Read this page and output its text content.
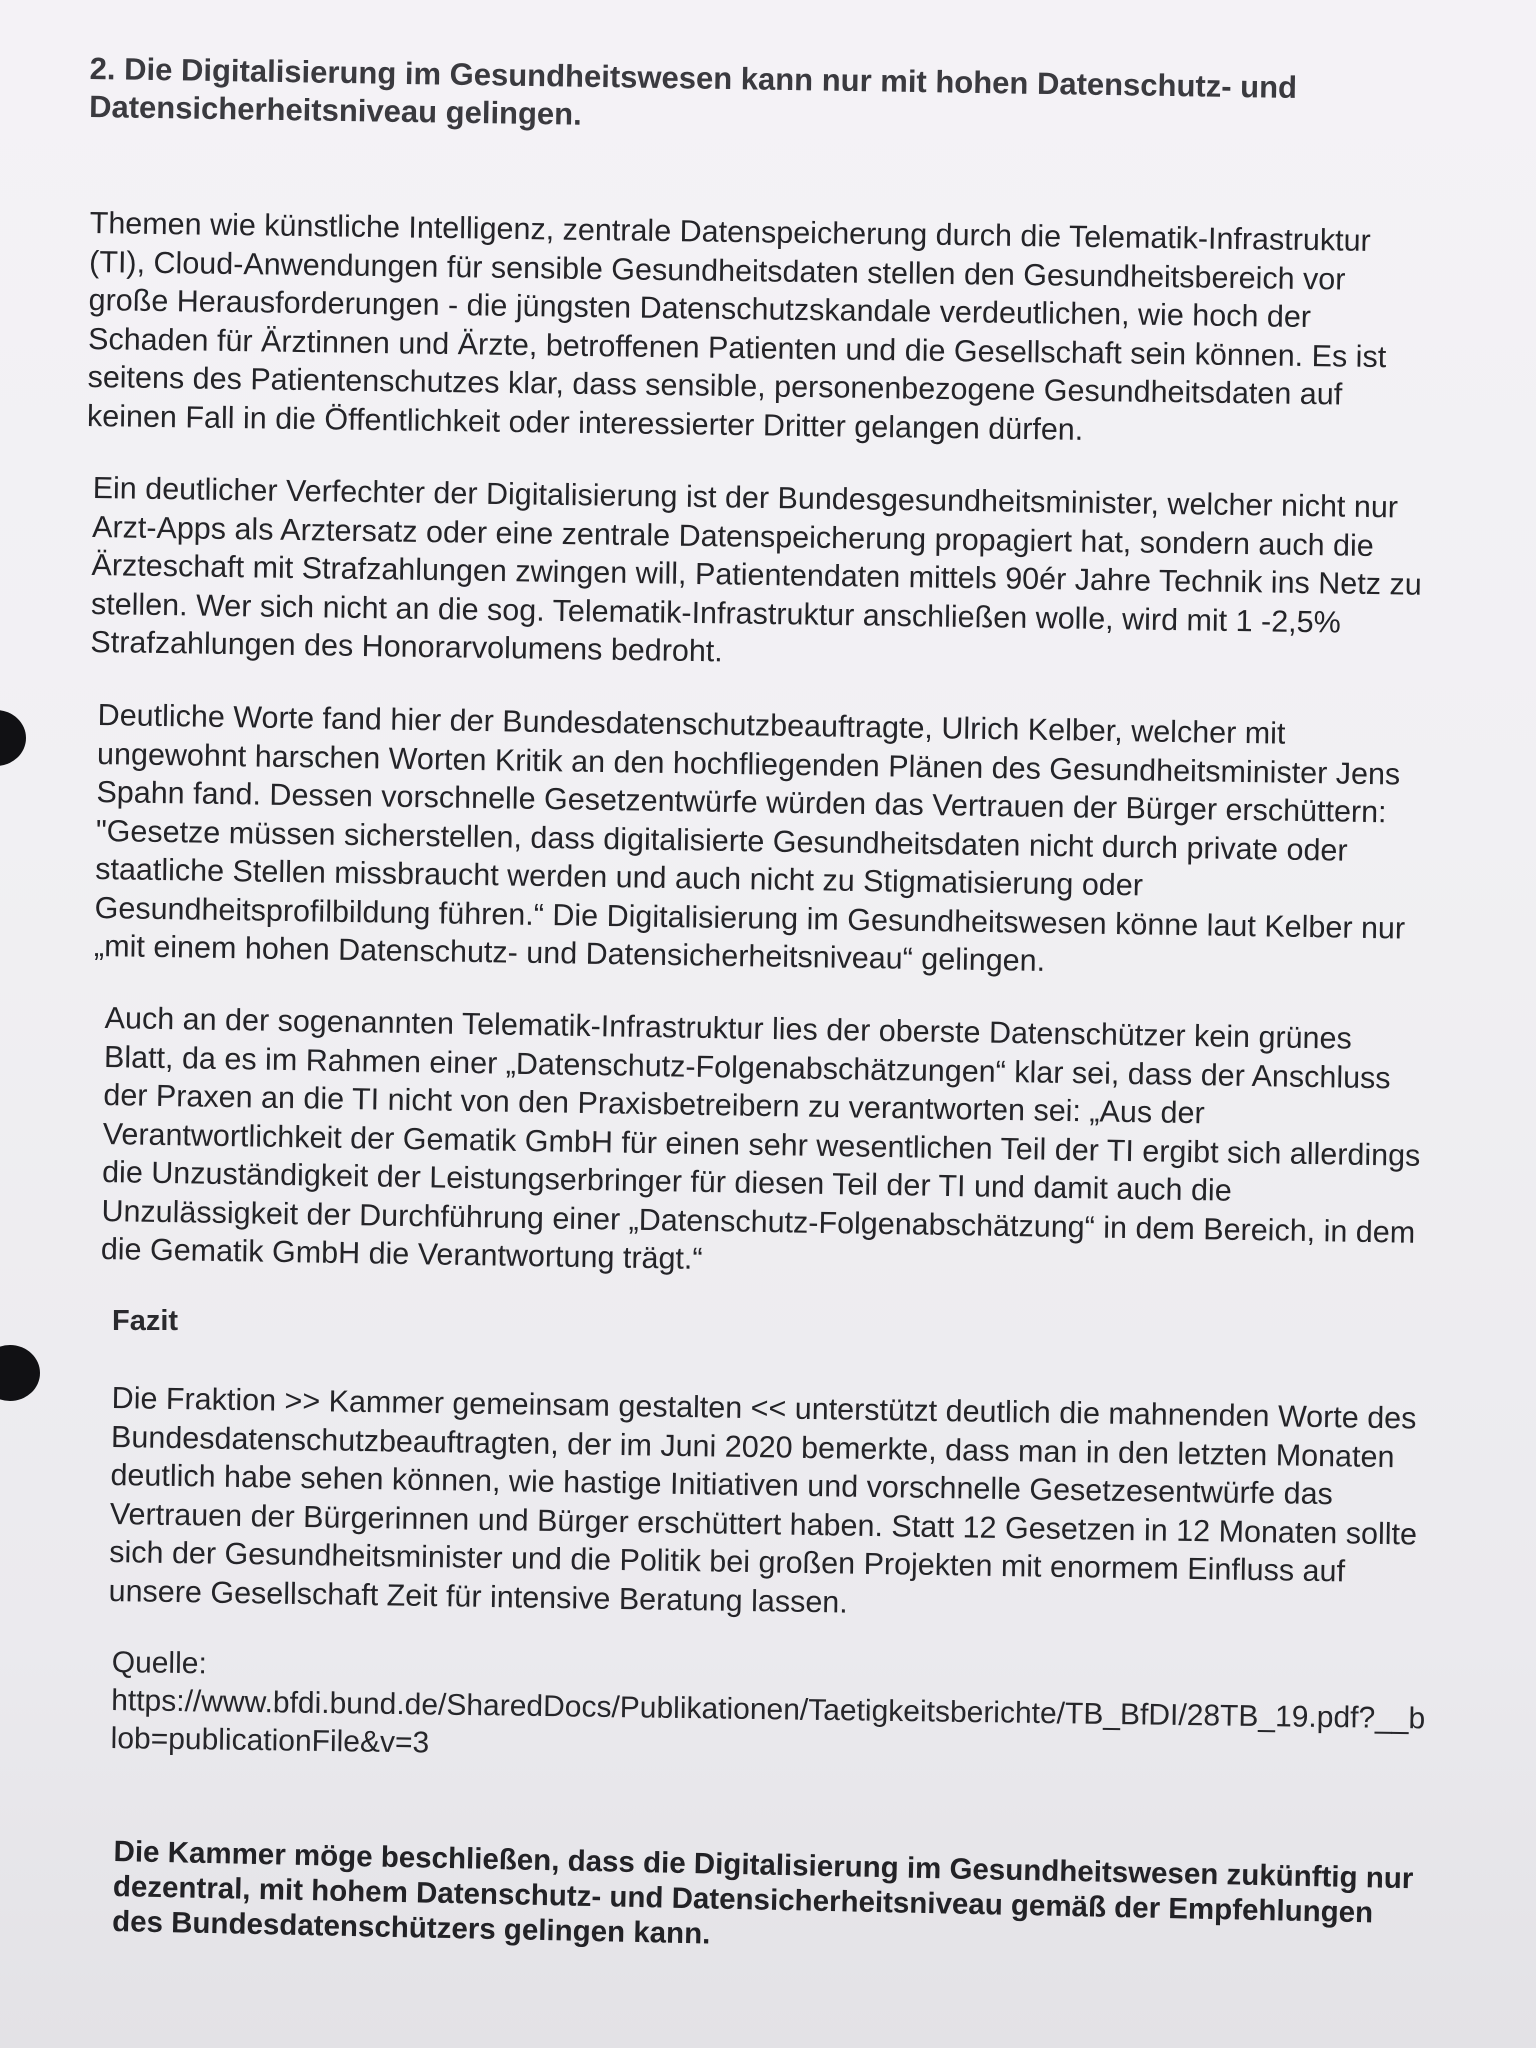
2. Die Digitalisierung im Gesundheitswesen kann nur mit hohen Datenschutz- und Datensicherheitsniveau gelingen.
Themen wie künstliche Intelligenz, zentrale Datenspeicherung durch die Telematik-Infrastruktur (TI), Cloud-Anwendungen für sensible Gesundheitsdaten stellen den Gesundheitsbereich vor große Herausforderungen - die jüngsten Datenschutzskandale verdeutlichen, wie hoch der Schaden für Ärztinnen und Ärzte, betroffenen Patienten und die Gesellschaft sein können. Es ist seitens des Patientenschutzes klar, dass sensible, personenbezogene Gesundheitsdaten auf keinen Fall in die Öffentlichkeit oder interessierter Dritter gelangen dürfen.
Ein deutlicher Verfechter der Digitalisierung ist der Bundesgesundheitsminister, welcher nicht nur Arzt-Apps als Arztersatz oder eine zentrale Datenspeicherung propagiert hat, sondern auch die Ärzteschaft mit Strafzahlungen zwingen will, Patientendaten mittels 90ér Jahre Technik ins Netz zu stellen. Wer sich nicht an die sog. Telematik-Infrastruktur anschließen wolle, wird mit 1 -2,5% Strafzahlungen des Honorarvolumens bedroht.
Deutliche Worte fand hier der Bundesdatenschutzbeauftragte, Ulrich Kelber, welcher mit ungewohnt harschen Worten Kritik an den hochfliegenden Plänen des Gesundheitsminister Jens Spahn fand. Dessen vorschnelle Gesetzentwürfe würden das Vertrauen der Bürger erschüttern: "Gesetze müssen sicherstellen, dass digitalisierte Gesundheitsdaten nicht durch private oder staatliche Stellen missbraucht werden und auch nicht zu Stigmatisierung oder Gesundheitsprofilbildung führen.“ Die Digitalisierung im Gesundheitswesen könne laut Kelber nur „mit einem hohen Datenschutz- und Datensicherheitsniveau“ gelingen.
Auch an der sogenannten Telematik-Infrastruktur lies der oberste Datenschützer kein grünes Blatt, da es im Rahmen einer „Datenschutz-Folgenabschätzungen“ klar sei, dass der Anschluss der Praxen an die TI nicht von den Praxisbetreibern zu verantworten sei: „Aus der Verantwortlichkeit der Gematik GmbH für einen sehr wesentlichen Teil der TI ergibt sich allerdings die Unzuständigkeit der Leistungserbringer für diesen Teil der TI und damit auch die Unzulässigkeit der Durchführung einer „Datenschutz-Folgenabschätzung“ in dem Bereich, in dem die Gematik GmbH die Verantwortung trägt.“
Fazit
Die Fraktion >> Kammer gemeinsam gestalten << unterstützt deutlich die mahnenden Worte des Bundesdatenschutzbeauftragten, der im Juni 2020 bemerkte, dass man in den letzten Monaten deutlich habe sehen können, wie hastige Initiativen und vorschnelle Gesetzesentwürfe das Vertrauen der Bürgerinnen und Bürger erschüttert haben. Statt 12 Gesetzen in 12 Monaten sollte sich der Gesundheitsminister und die Politik bei großen Projekten mit enormem Einfluss auf unsere Gesellschaft Zeit für intensive Beratung lassen.
Quelle:
https://www.bfdi.bund.de/SharedDocs/Publikationen/Taetigkeitsberichte/TB_BfDI/28TB_19.pdf?__blob=publicationFile&v=3
Die Kammer möge beschließen, dass die Digitalisierung im Gesundheitswesen zukünftig nur dezentral, mit hohem Datenschutz- und Datensicherheitsniveau gemäß der Empfehlungen des Bundesdatenschützers gelingen kann.
